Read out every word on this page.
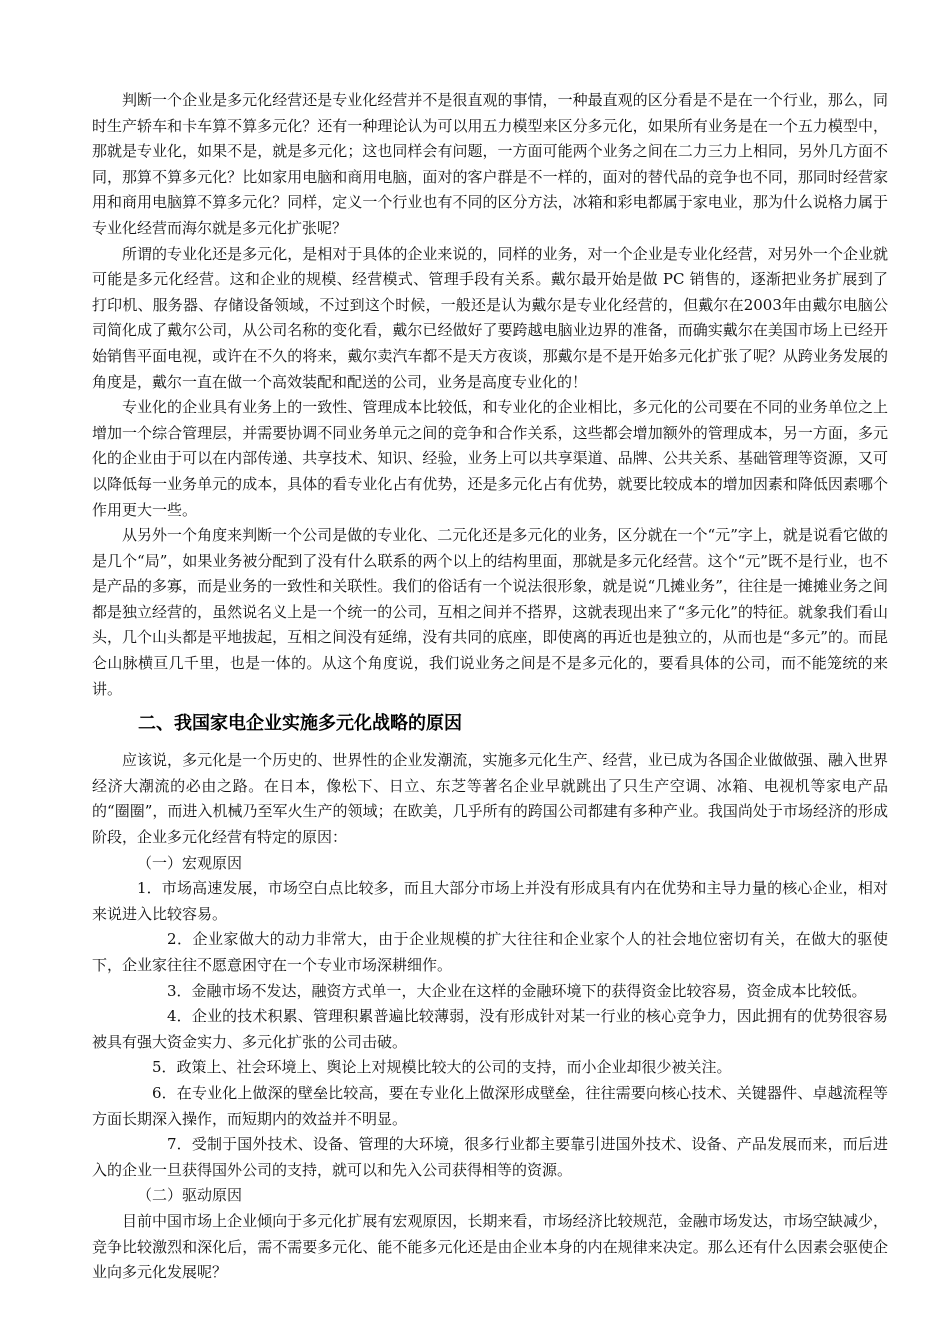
判断一个企业是多元化经营还是专业化经营并不是很直观的事情，一种最直观的区分看是不是在一个行业，那么，同时生产轿车和卡车算不算多元化？还有一种理论认为可以用五力模型来区分多元化，如果所有业务是在一个五力模型中，那就是专业化，如果不是，就是多元化；这也同样会有问题，一方面可能两个业务之间在二力三力上相同，另外几方面不同，那算不算多元化？比如家用电脑和商用电脑，面对的客户群是不一样的，面对的替代品的竞争也不同，那同时经营家用和商用电脑算不算多元化？同样，定义一个行业也有不同的区分方法，冰箱和彩电都属于家电业，那为什么说格力属于专业化经营而海尔就是多元化扩张呢？

所谓的专业化还是多元化，是相对于具体的企业来说的，同样的业务，对一个企业是专业化经营，对另外一个企业就可能是多元化经营。这和企业的规模、经营模式、管理手段有关系。戴尔最开始是做 PC 销售的，逐渐把业务扩展到了打印机、服务器、存储设备领域，不过到这个时候，一般还是认为戴尔是专业化经营的，但戴尔在2003年由戴尔电脑公司简化成了戴尔公司，从公司名称的变化看，戴尔已经做好了要跨越电脑业边界的准备，而确实戴尔在美国市场上已经开始销售平面电视，或许在不久的将来，戴尔卖汽车都不是天方夜谈，那戴尔是不是开始多元化扩张了呢？从跨业务发展的角度是，戴尔一直在做一个高效装配和配送的公司，业务是高度专业化的！

专业化的企业具有业务上的一致性、管理成本比较低，和专业化的企业相比，多元化的公司要在不同的业务单位之上增加一个综合管理层，并需要协调不同业务单元之间的竞争和合作关系，这些都会增加额外的管理成本，另一方面，多元化的企业由于可以在内部传递、共享技术、知识、经验，业务上可以共享渠道、品牌、公共关系、基础管理等资源，又可以降低每一业务单元的成本，具体的看专业化占有优势，还是多元化占有优势，就要比较成本的增加因素和降低因素哪个作用更大一些。

从另外一个角度来判断一个公司是做的专业化、二元化还是多元化的业务，区分就在一个“元”字上，就是说看它做的是几个“局”，如果业务被分配到了没有什么联系的两个以上的结构里面，那就是多元化经营。这个“元”既不是行业，也不是产品的多寡，而是业务的一致性和关联性。我们的俗话有一个说法很形象，就是说“几摊业务”，往往是一摊摊业务之间都是独立经营的，虽然说名义上是一个统一的公司，互相之间并不搭界，这就表现出来了“多元化”的特征。就象我们看山头，几个山头都是平地拔起，互相之间没有延绵，没有共同的底座，即使离的再近也是独立的，从而也是“多元”的。而昆仑山脉横亘几千里，也是一体的。从这个角度说，我们说业务之间是不是多元化的，要看具体的公司，而不能笼统的来讲。

二、我国家电企业实施多元化战略的原因

应该说，多元化是一个历史的、世界性的企业发潮流，实施多元化生产、经营，业已成为各国企业做做强、融入世界经济大潮流的必由之路。在日本，像松下、日立、东芝等著名企业早就跳出了只生产空调、冰箱、电视机等家电产品的“圈圈”，而进入机械乃至军火生产的领域；在欧美，几乎所有的跨国公司都建有多种产业。我国尚处于市场经济的形成阶段，企业多元化经营有特定的原因：

（一）宏观原因

1．市场高速发展，市场空白点比较多，而且大部分市场上并没有形成具有内在优势和主导力量的核心企业，相对来说进入比较容易。

2．企业家做大的动力非常大，由于企业规模的扩大往往和企业家个人的社会地位密切有关，在做大的驱使下，企业家往往不愿意困守在一个专业市场深耕细作。

3．金融市场不发达，融资方式单一，大企业在这样的金融环境下的获得资金比较容易，资金成本比较低。

4．企业的技术积累、管理积累普遍比较薄弱，没有形成针对某一行业的核心竞争力，因此拥有的优势很容易被具有强大资金实力、多元化扩张的公司击破。

5．政策上、社会环境上、舆论上对规模比较大的公司的支持，而小企业却很少被关注。

6．在专业化上做深的壁垒比较高，要在专业化上做深形成壁垒，往往需要向核心技术、关键器件、卓越流程等方面长期深入操作，而短期内的效益并不明显。

7．受制于国外技术、设备、管理的大环境，很多行业都主要靠引进国外技术、设备、产品发展而来，而后进入的企业一旦获得国外公司的支持，就可以和先入公司获得相等的资源。

（二）驱动原因

目前中国市场上企业倾向于多元化扩展有宏观原因，长期来看，市场经济比较规范，金融市场发达，市场空缺减少，竞争比较激烈和深化后，需不需要多元化、能不能多元化还是由企业本身的内在规律来决定。那么还有什么因素会驱使企业向多元化发展呢？
